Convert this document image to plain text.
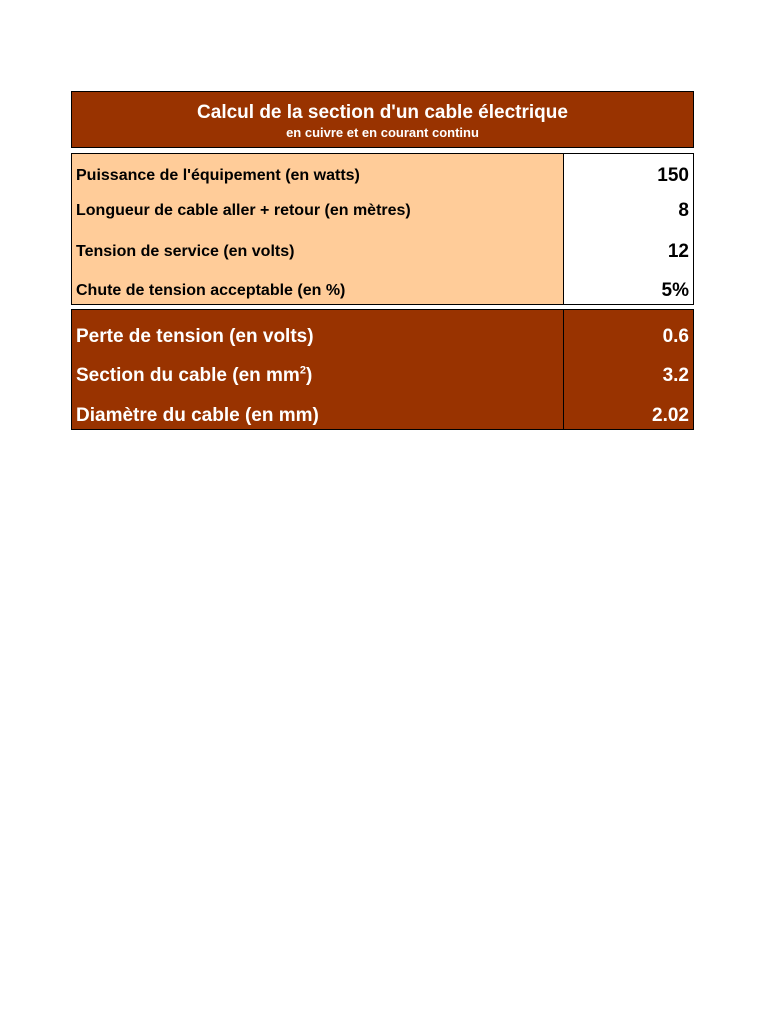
Calcul de la section d'un cable électrique
en cuivre et en courant continu
Puissance de l'équipement (en watts)	150
Longueur de cable aller + retour (en mètres)	8
Tension de service (en volts)	12
Chute de tension acceptable (en %)	5%
Perte de tension (en volts)	0.6
Section du cable (en $mm^2$)	3.2
Diamètre du cable (en mm)	2.02
